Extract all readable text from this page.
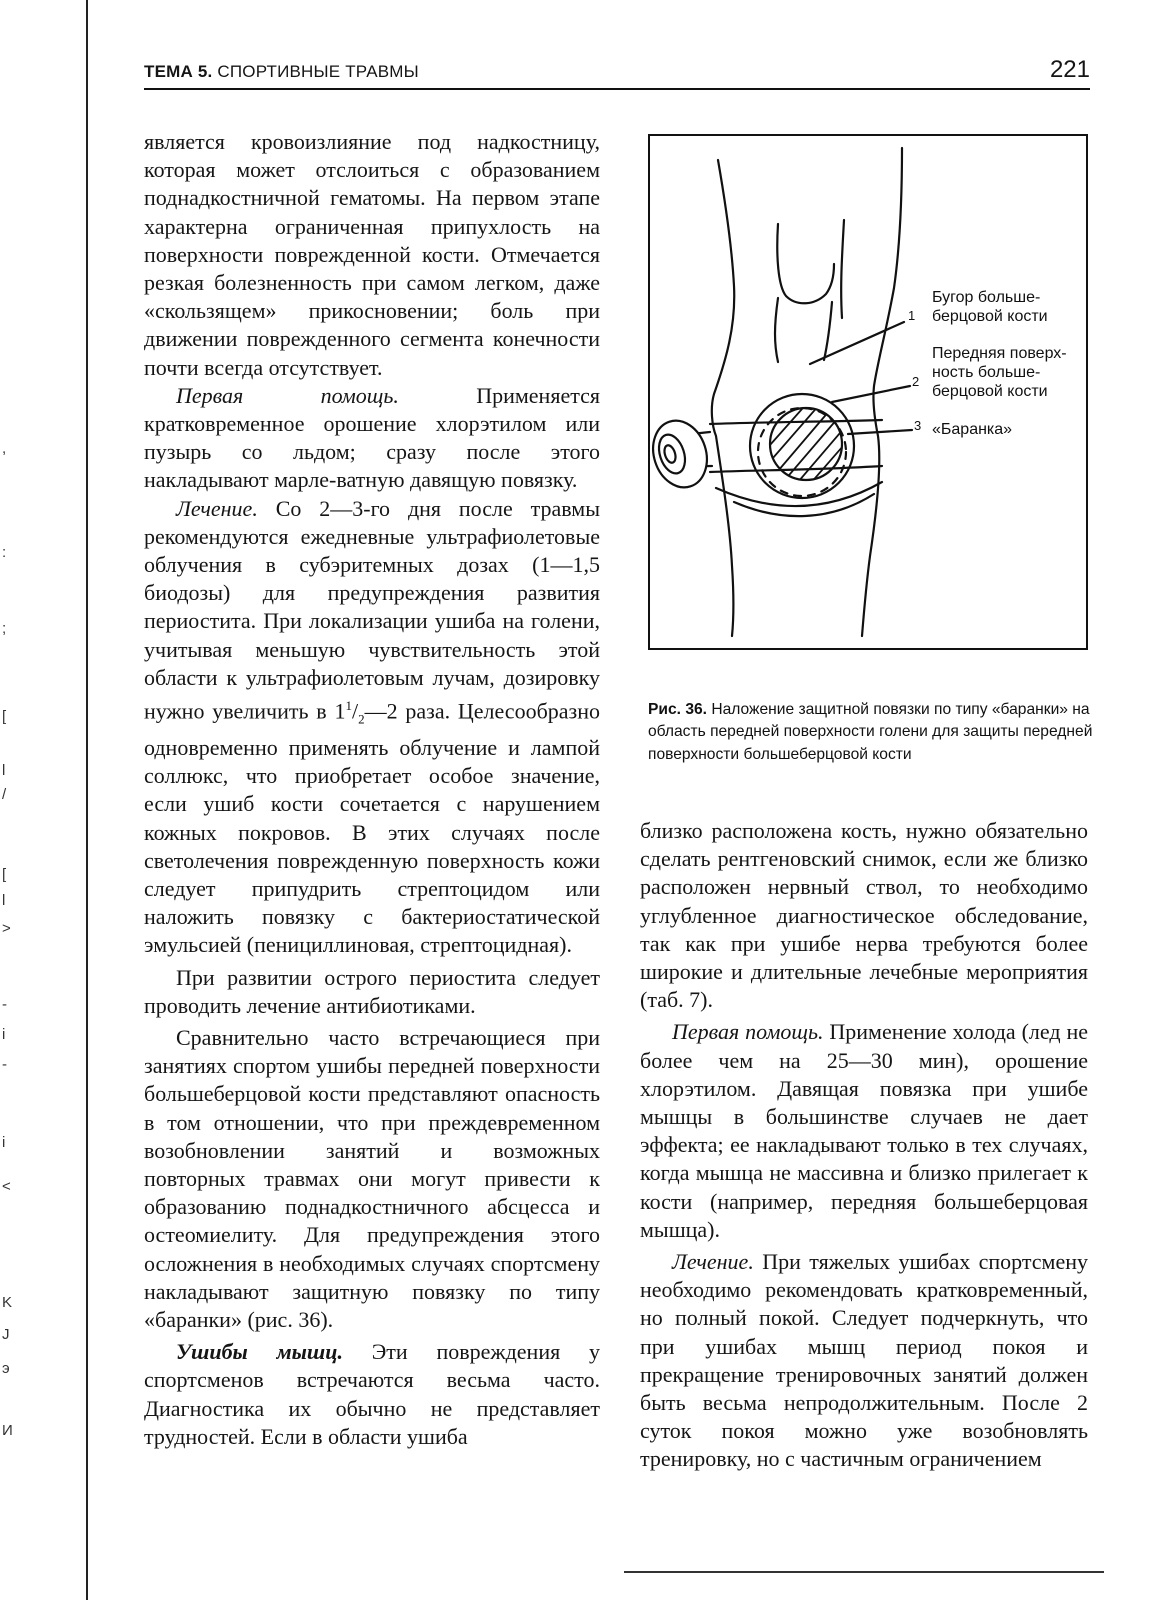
,
:
;
[
l
/
[
l
>
-
i
-
i
<
K
J
э
И
ТЕМА 5. СПОРТИВНЫЕ ТРАВМЫ	221

является кровоизлияние под надкостницу, которая может отслоиться с образованием поднадкостничной гематомы. На первом этапе характерна ограниченная припухлость на поверхности поврежденной кости. Отмечается резкая болезненность при самом легком, даже «скользящем» прикосновении; боль при движении поврежденного сегмента конечности почти всегда отсутствует.

Первая помощь. Применяется кратковременное орошение хлорэтилом или пузырь со льдом; сразу после этого накладывают марле-ватную давящую повязку.

Лечение. Со 2—3-го дня после травмы рекомендуются ежедневные ультрафиолетовые облучения в субэритемных дозах (1—1,5 биодозы) для предупреждения развития периостита. При локализации ушиба на голени, учитывая меньшую чувствительность этой области к ультрафиолетовым лучам, дозировку нужно увеличить в $1^1/_2—2$ раза. Целесообразно одновременно применять облучение и лампой соллюкс, что приобретает особое значение, если ушиб кости сочетается с нарушением кожных покровов. В этих случаях после светолечения поврежденную поверхность кожи следует припудрить стрептоцидом или наложить повязку с бактериостатической эмульсией (пенициллиновая, стрептоцидная).

При развитии острого периостита следует проводить лечение антибиотиками.

Сравнительно часто встречающиеся при занятиях спортом ушибы передней поверхности большеберцовой кости представляют опасность в том отношении, что при преждевременном возобновлении занятий и возможных повторных травмах они могут привести к образованию поднадкостничного абсцесса и остеомиелиту. Для предупреждения этого осложнения в необходимых случаях спортсмену накладывают защитную повязку по типу «баранки» (рис. 36).

Ушибы мышц. Эти повреждения у спортсменов встречаются весьма часто. Диагностика их обычно не представляет трудностей. Если в области ушиба

1
Бугор больше-
берцовой кости
2
Передняя поверх-
ность больше-
берцовой кости
3 «Баранка»
Рис. 36. Наложение защитной повязки по типу «баранки» на область передней поверхности голени для защиты передней поверхности большеберцовой кости

близко расположена кость, нужно обязательно сделать рентгеновский снимок, если же близко расположен нервный ствол, то необходимо углубленное диагностическое обследование, так как при ушибе нерва требуются более широкие и длительные лечебные мероприятия (таб. 7).

Первая помощь. Применение холода (лед не более чем на 25—30 мин), орошение хлорэтилом. Давящая повязка при ушибе мышцы в большинстве случаев не дает эффекта; ее накладывают только в тех случаях, когда мышца не массивна и близко прилегает к кости (например, передняя большеберцовая мышца).

Лечение. При тяжелых ушибах спортсмену необходимо рекомендовать кратковременный, но полный покой. Следует подчеркнуть, что при ушибах мышц период покоя и прекращение тренировочных занятий должен быть весьма непродолжительным. После 2 суток покоя можно уже возобновлять тренировку, но с частичным ограничением
